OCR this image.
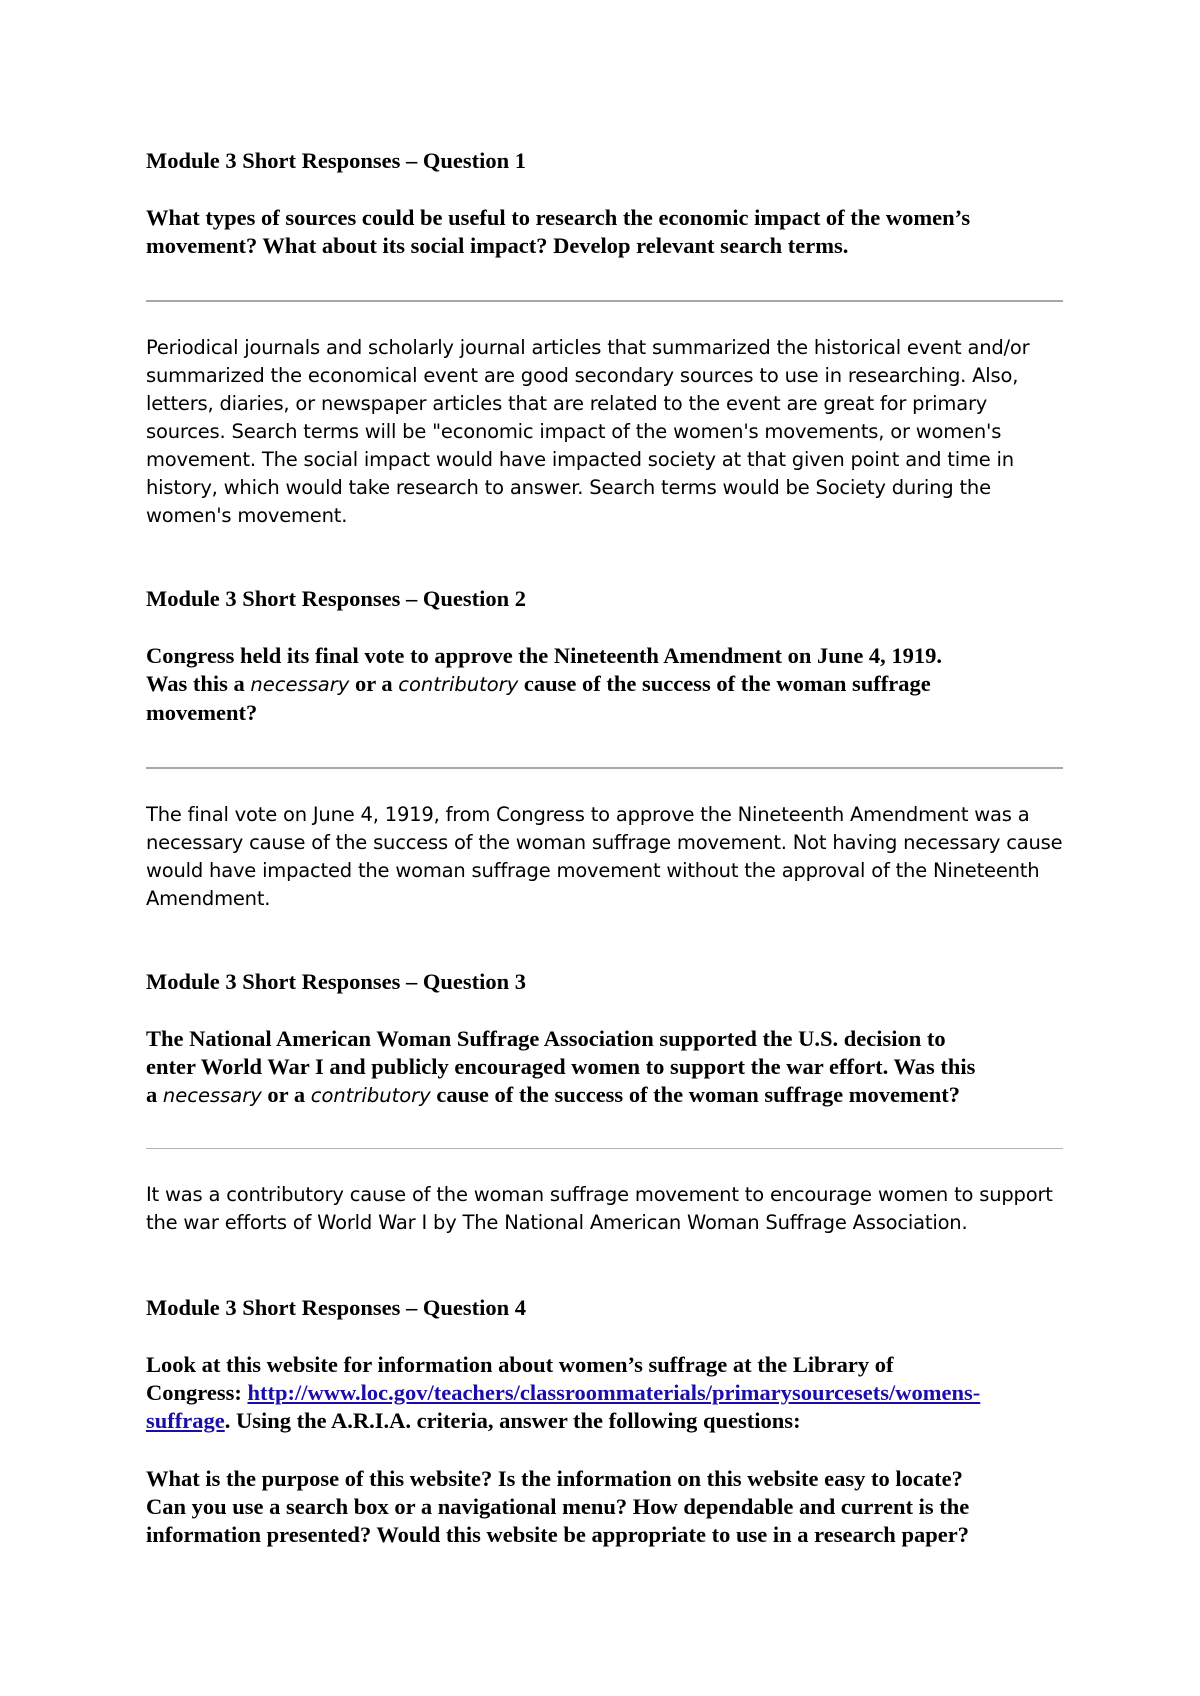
Module 3 Short Responses – Question 1
What types of sources could be useful to research the economic impact of the women’s
movement? What about its social impact? Develop relevant search terms.
Periodical journals and scholarly journal articles that summarized the historical event and/or
summarized the economical event are good secondary sources to use in researching. Also,
letters, diaries, or newspaper articles that are related to the event are great for primary
sources. Search terms will be "economic impact of the women's movements, or women's
movement. The social impact would have impacted society at that given point and time in
history, which would take research to answer. Search terms would be Society during the
women's movement.
Module 3 Short Responses – Question 2
Congress held its final vote to approve the Nineteenth Amendment on June 4, 1919.
Was this a necessary or a contributory cause of the success of the woman suffrage
movement?
The final vote on June 4, 1919, from Congress to approve the Nineteenth Amendment was a
necessary cause of the success of the woman suffrage movement. Not having necessary cause
would have impacted the woman suffrage movement without the approval of the Nineteenth
Amendment.
Module 3 Short Responses – Question 3
The National American Woman Suffrage Association supported the U.S. decision to
enter World War I and publicly encouraged women to support the war effort. Was this
a necessary or a contributory cause of the success of the woman suffrage movement?
It was a contributory cause of the woman suffrage movement to encourage women to support
the war efforts of World War I by The National American Woman Suffrage Association.
Module 3 Short Responses – Question 4
Look at this website for information about women’s suffrage at the Library of
Congress: http://www.loc.gov/teachers/classroommaterials/primarysourcesets/womens-
suffrage. Using the A.R.I.A. criteria, answer the following questions:
What is the purpose of this website? Is the information on this website easy to locate?
Can you use a search box or a navigational menu? How dependable and current is the
information presented? Would this website be appropriate to use in a research paper?
